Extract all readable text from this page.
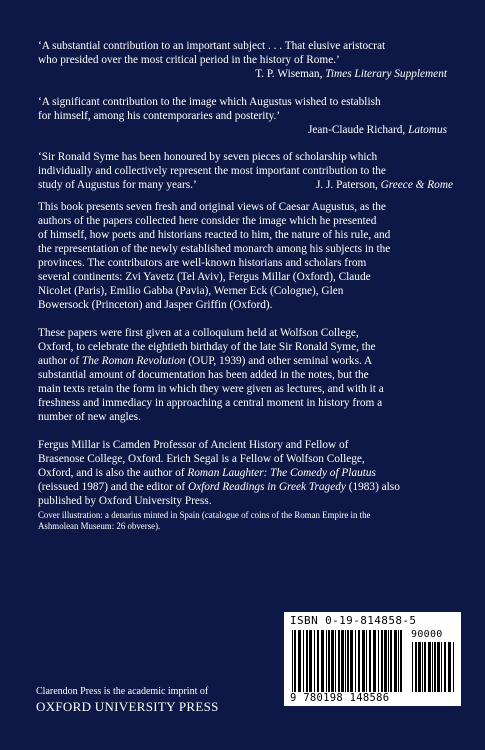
‘A substantial contribution to an important subject . . . That elusive aristocrat
who presided over the most critical period in the history of Rome.’
T. P. Wiseman, Times Literary Supplement
‘A significant contribution to the image which Augustus wished to establish
for himself, among his contemporaries and posterity.’
Jean-Claude Richard, Latomus
‘Sir Ronald Syme has been honoured by seven pieces of scholarship which
individually and collectively represent the most important contribution to the
study of Augustus for many years.’	J. J. Paterson, Greece & Rome
This book presents seven fresh and original views of Caesar Augustus, as the
authors of the papers collected here consider the image which he presented
of himself, how poets and historians reacted to him, the nature of his rule, and
the representation of the newly established monarch among his subjects in the
provinces. The contributors are well-known historians and scholars from
several continents: Zvi Yavetz (Tel Aviv), Fergus Millar (Oxford), Claude
Nicolet (Paris), Emilio Gabba (Pavia), Werner Eck (Cologne), Glen
Bowersock (Princeton) and Jasper Griffin (Oxford).
These papers were first given at a colloquium held at Wolfson College,
Oxford, to celebrate the eightieth birthday of the late Sir Ronald Syme, the
author of The Roman Revolution (OUP, 1939) and other seminal works. A
substantial amount of documentation has been added in the notes, but the
main texts retain the form in which they were given as lectures, and with it a
freshness and immediacy in approaching a central moment in history from a
number of new angles.
Fergus Millar is Camden Professor of Ancient History and Fellow of
Brasenose College, Oxford. Erich Segal is a Fellow of Wolfson College,
Oxford, and is also the author of Roman Laughter: The Comedy of Plautus
(reissued 1987) and the editor of Oxford Readings in Greek Tragedy (1983) also
published by Oxford University Press.
Cover illustration: a denarius minted in Spain (catalogue of coins of the Roman Empire in the
Ashmolean Museum: 26 obverse).
ISBN 0-19-814858-5
90000
9 780198 148586
Clarendon Press is the academic imprint of
OXFORD UNIVERSITY PRESS
